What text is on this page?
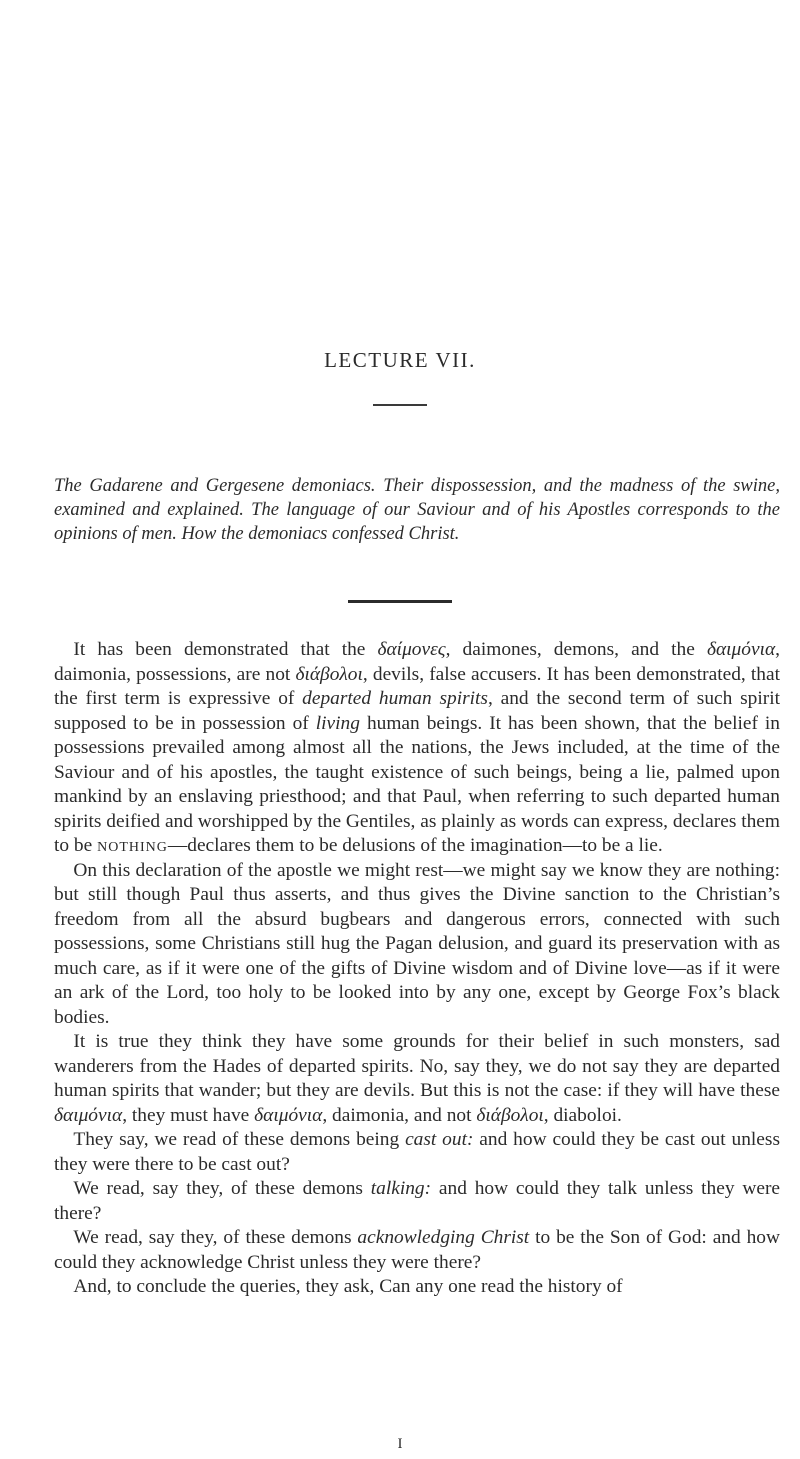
LECTURE VII.

The Gadarene and Gergesene demoniacs. Their dispossession, and the madness of the swine, examined and explained. The language of our Saviour and of his Apostles corresponds to the opinions of men. How the demoniacs confessed Christ.

 It has been demonstrated that the δαίμονες, daimones, demons, and the δαιμόνια, daimonia, possessions, are not διάβολοι, devils, false accusers. It has been demonstrated, that the first term is expressive of departed human spirits, and the second term of such spirit supposed to be in possession of living human beings. It has been shown, that the belief in possessions prevailed among almost all the nations, the Jews included, at the time of the Saviour and of his apostles, the taught existence of such beings, being a lie, palmed upon mankind by an enslaving priesthood; and that Paul, when referring to such departed human spirits deified and worshipped by the Gentiles, as plainly as words can express, declares them to be nothing—declares them to be delusions of the imagination—to be a lie.

 On this declaration of the apostle we might rest—we might say we know they are nothing: but still though Paul thus asserts, and thus gives the Divine sanction to the Christian’s freedom from all the absurd bugbears and dangerous errors, connected with such possessions, some Christians still hug the Pagan delusion, and guard its preservation with as much care, as if it were one of the gifts of Divine wisdom and of Divine love—as if it were an ark of the Lord, too holy to be looked into by any one, except by George Fox’s black bodies.

 It is true they think they have some grounds for their belief in such monsters, sad wanderers from the Hades of departed spirits. No, say they, we do not say they are departed human spirits that wander; but they are devils. But this is not the case: if they will have these δαιμόνια, they must have δαιμόνια, daimonia, and not διάβολοι, diaboloi.

 They say, we read of these demons being cast out: and how could they be cast out unless they were there to be cast out?

 We read, say they, of these demons talking: and how could they talk unless they were there?

 We read, say they, of these demons acknowledging Christ to be the Son of God: and how could they acknowledge Christ unless they were there?

 And, to conclude the queries, they ask, Can any one read the history of

I
